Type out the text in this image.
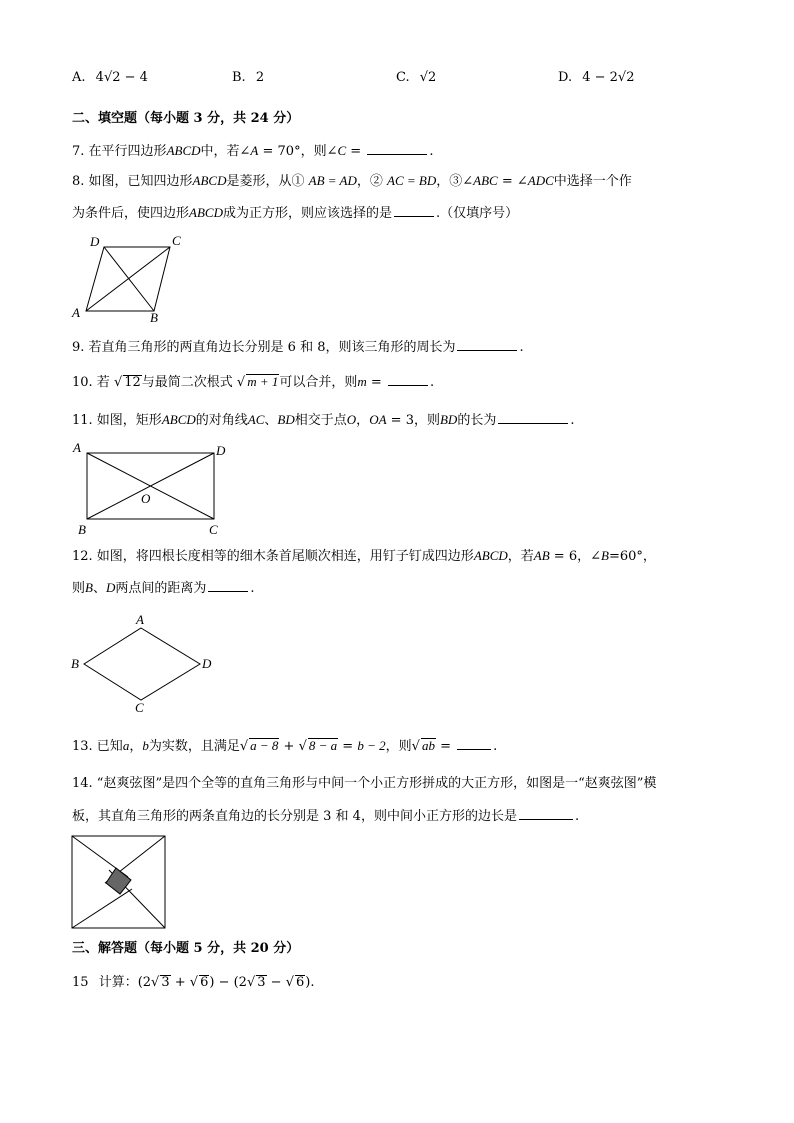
A. 4√2 − 4	B. 2	C. √2	D. 4 − 2√2
二、填空题（每小题 3 分，共 24 分）
7. 在平行四边形ABCD中，若∠A = 70°，则∠C =	.
8. 如图，已知四边形ABCD是菱形，从① AB = AD，② AC = BD，③∠ABC = ∠ADC中选择一个作
为条件后，使四边形ABCD成为正方形，则应该选择的是	.（仅填序号）
D	C
A	B
9. 若直角三角形的两直角边长分别是 6 和 8，则该三角形的周长为	.
10. 若 √ 12与最简二次根式 √ m + 1可以合并，则m =	.
11. 如图，矩形ABCD的对角线AC、BD相交于点O，OA = 3，则BD的长为	.
A	D
B	C
O
12. 如图，将四根长度相等的细木条首尾顺次相连，用钉子钉成四边形ABCD，若AB = 6，∠B=60°，
则B、D两点间的距离为	.
A
B	D
C
13. 已知a，b为实数，且满足√ a − 8 + √ 8 − a = b − 2，则√ ab =	.
14. “赵爽弦图”是四个全等的直角三角形与中间一个小正方形拼成的大正方形，如图是一“赵爽弦图”模
板，其直角三角形的两条直角边的长分别是 3 和 4，则中间小正方形的边长是	.
三、解答题（每小题 5 分，共 20 分）
15 计算：(2√ 3 + √ 6) − (2√ 3 − √ 6).
